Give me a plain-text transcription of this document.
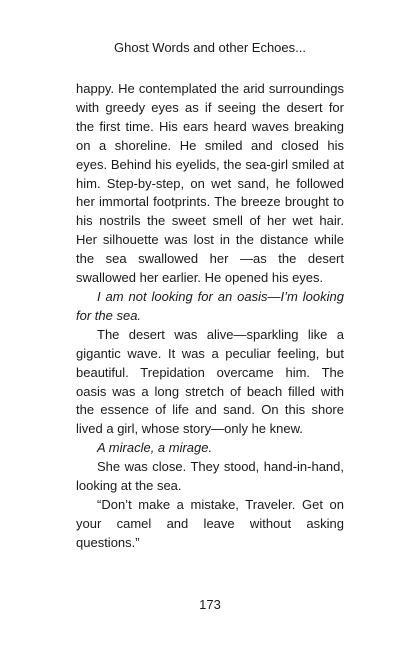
Ghost Words and other Echoes...

happy. He contemplated the arid surroundings with greedy eyes as if seeing the desert for the first time. His ears heard waves breaking on a shoreline. He smiled and closed his eyes. Behind his eyelids, the sea-girl smiled at him. Step-by-step, on wet sand, he followed her immortal footprints. The breeze brought to his nostrils the sweet smell of her wet hair. Her silhouette was lost in the distance while the sea swallowed her —as the desert swallowed her earlier. He opened his eyes.

I am not looking for an oasis—I’m looking for the sea.

The desert was alive—sparkling like a gigantic wave. It was a peculiar feeling, but beautiful. Trepidation overcame him. The oasis was a long stretch of beach filled with the essence of life and sand. On this shore lived a girl, whose story—only he knew.

A miracle, a mirage.

She was close. They stood, hand-in-hand, looking at the sea.

“Don’t make a mistake, Traveler. Get on your camel and leave without asking questions.”

173
